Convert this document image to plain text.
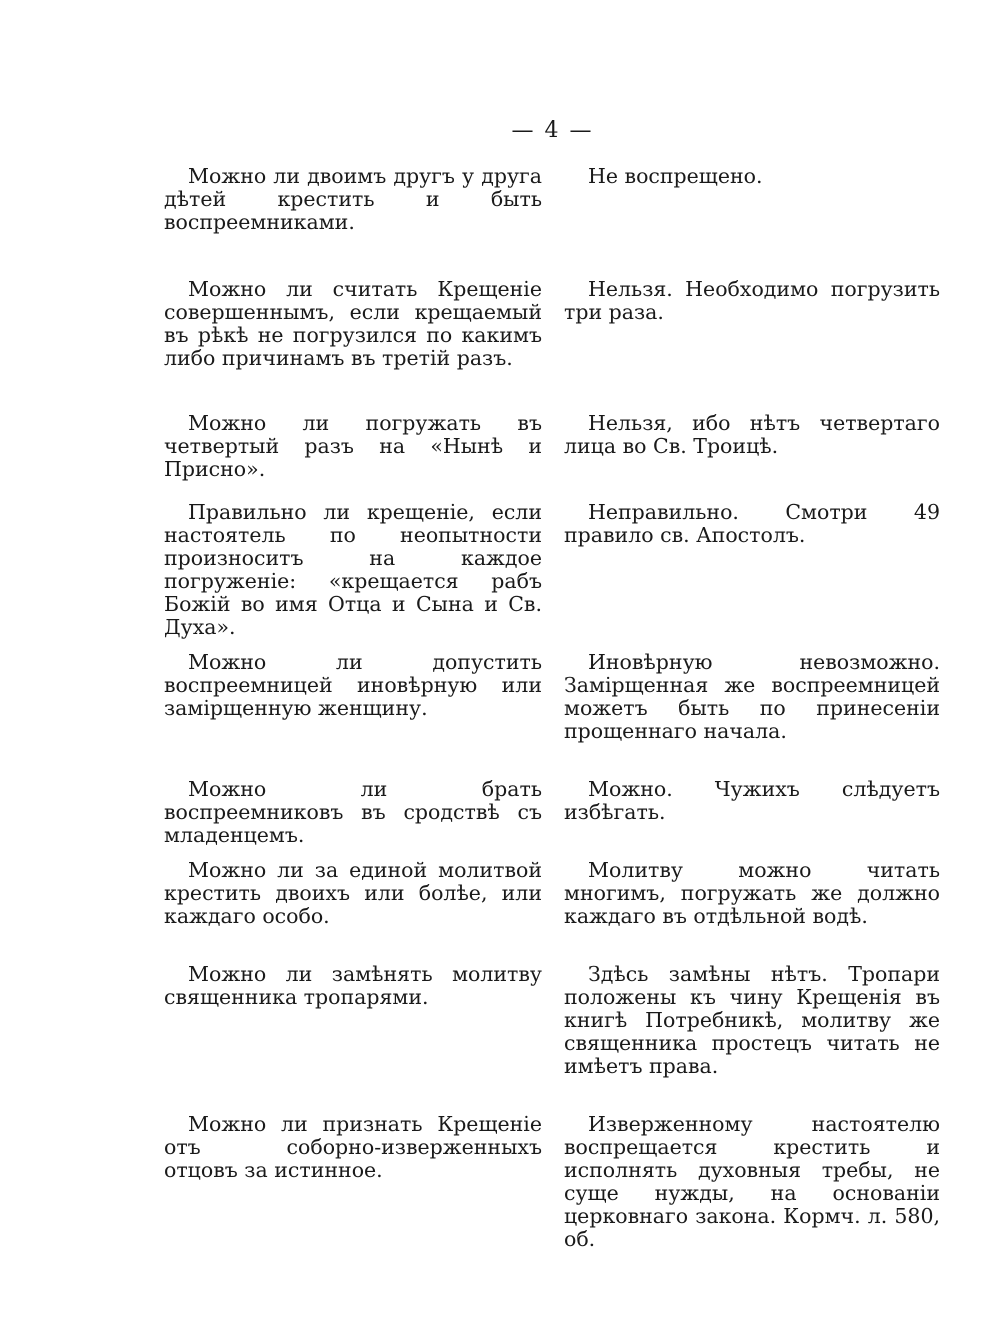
— 4 —
Можно ли двоимъ другъ у друга дѣтей крестить и быть воспреемниками.
Не воспрещено.
Можно ли считать Крещеніе совершеннымъ, если крещаемый въ рѣкѣ не погрузился по какимъ либо причинамъ въ третій разъ.
Нельзя. Необходимо погрузить три раза.
Можно ли погружать въ четвертый разъ на «Нынѣ и Присно».
Нельзя, ибо нѣтъ четвертаго лица во Св. Троицѣ.
Правильно ли крещеніе, если настоятель по неопытности произноситъ на каждое погруженіе: «крещается рабъ Божій во имя Отца и Сына и Св. Духа».
Неправильно. Смотри 49 правило св. Апостолъ.
Можно ли допустить воспреемницей иновѣрную или замірщенную женщину.
Иновѣрную невозможно. Замірщенная же воспреемницей можетъ быть по принесеніи прощеннаго начала.
Можно ли брать воспреемниковъ въ сродствѣ съ младенцемъ.
Можно. Чужихъ слѣдуетъ избѣгать.
Можно ли за единой молитвой крестить двоихъ или болѣе, или каждаго особо.
Молитву можно читать многимъ, погружать же должно каждаго въ отдѣльной водѣ.
Можно ли замѣнять молитву священника тропарями.
Здѣсь замѣны нѣтъ. Тропари положены къ чину Крещенія въ книгѣ Потребникѣ, молитву же священника простецъ читать не имѣетъ права.
Можно ли признать Крещеніе отъ соборно-изверженныхъ отцовъ за истинное.
Изверженному настоятелю воспрещается крестить и исполнять духовныя требы, не суще нужды, на основаніи церковнаго закона. Кормч. л. 580, об.
